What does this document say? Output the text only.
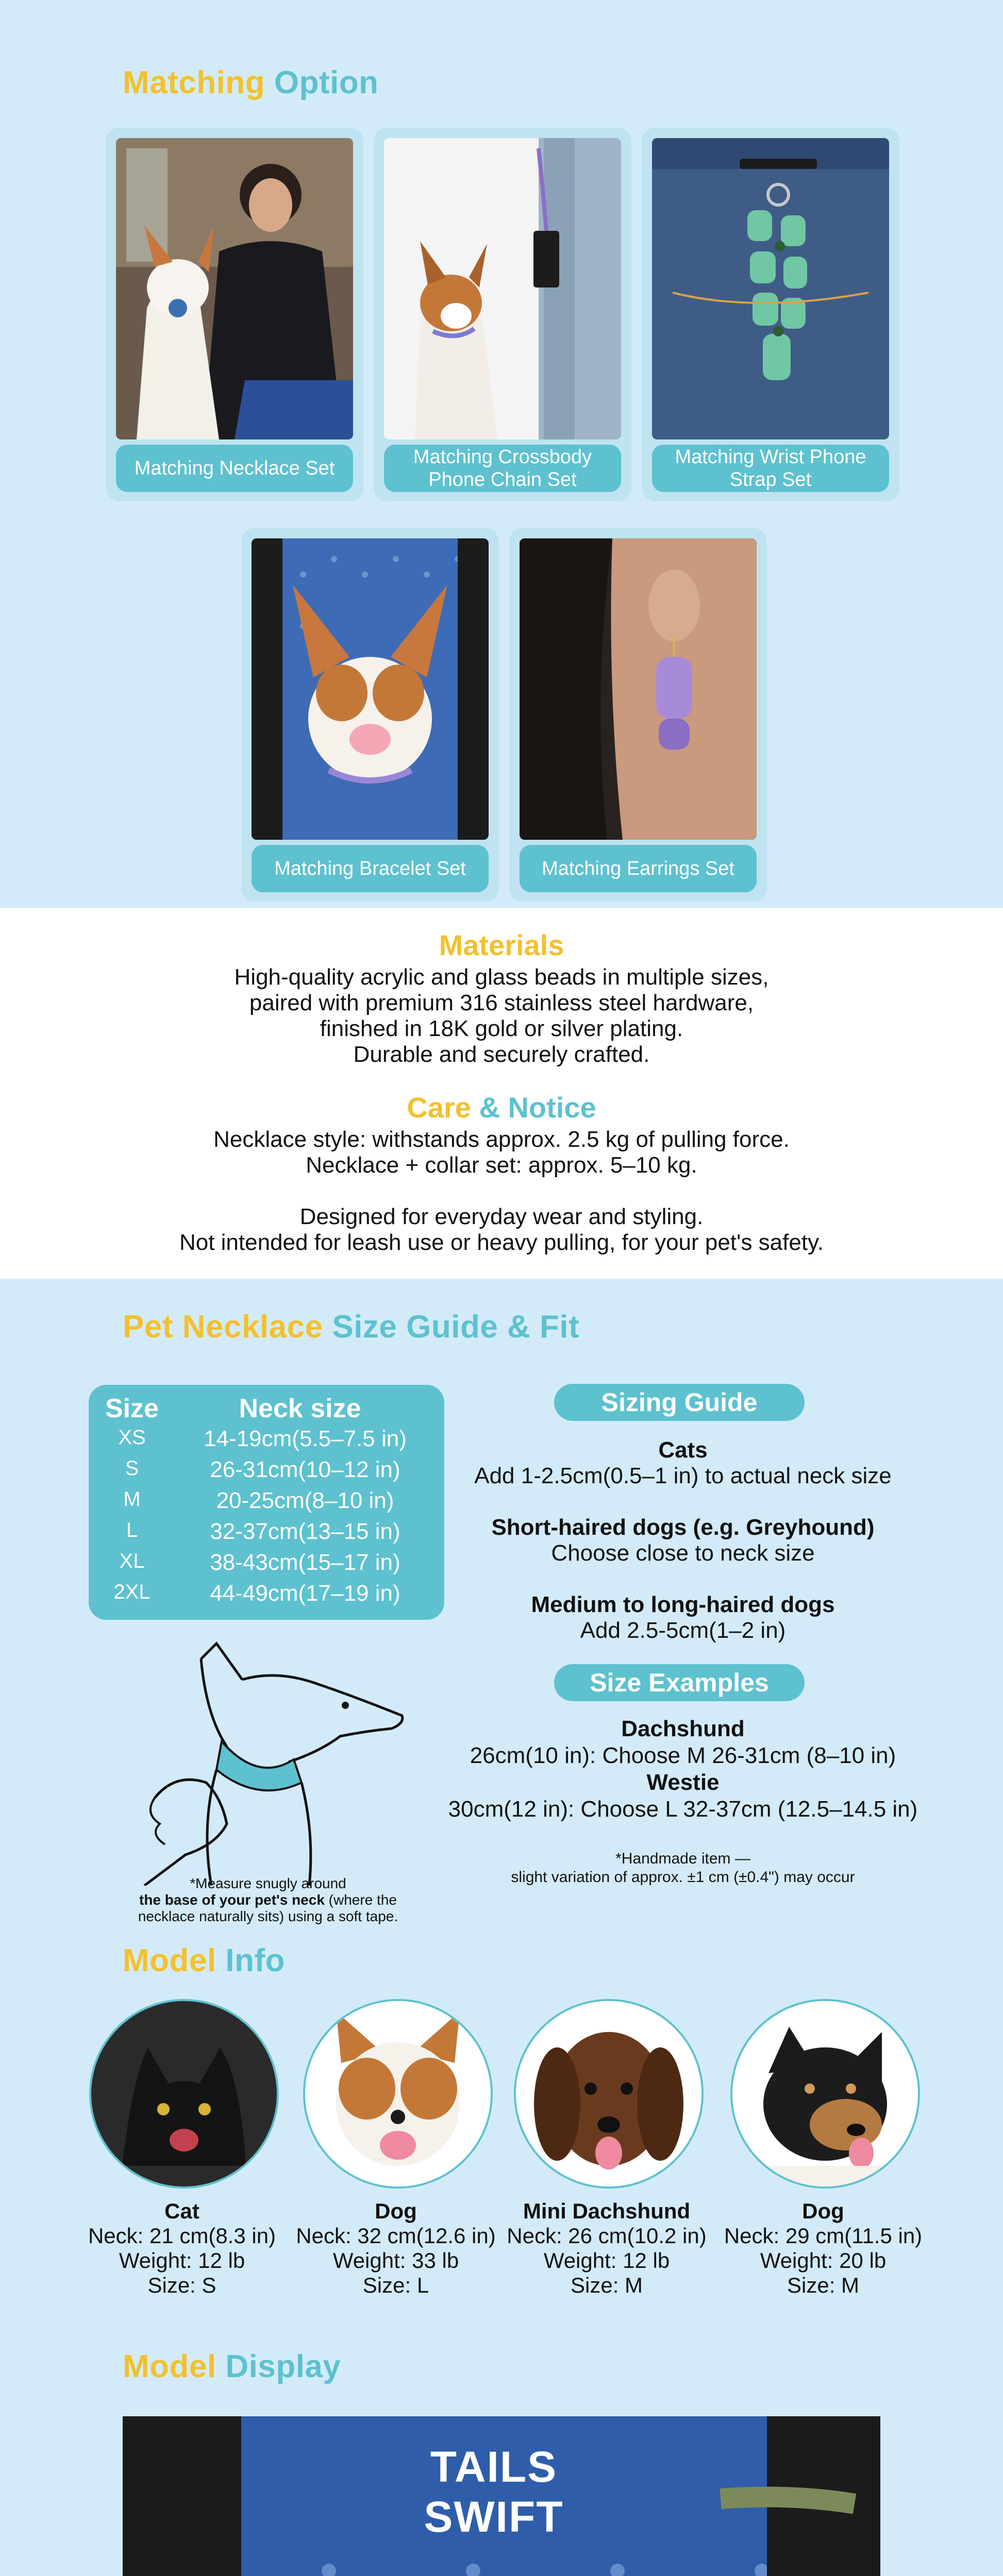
Matching Option
Matching Necklace Set
Matching Crossbody Phone Chain Set
Matching Wrist Phone Strap Set
Matching Bracelet Set	Matching Earrings Set
Materials
High-quality acrylic and glass beads in multiple sizes,
paired with premium 316 stainless steel hardware,
finished in 18K gold or silver plating.
Durable and securely crafted.
Care & Notice
Necklace style: withstands approx. 2.5 kg of pulling force.
Necklace + collar set: approx. 5–10 kg.
Designed for everyday wear and styling.
Not intended for leash use or heavy pulling, for your pet's safety.
Pet Necklace Size Guide & Fit
Size	Neck size
XS	14-19cm(5.5–7.5 in)
S	26-31cm(10–12 in)
M	20-25cm(8–10 in)
L	32-37cm(13–15 in)
XL	38-43cm(15–17 in)
2XL	44-49cm(17–19 in)
*Measure snugly around
the base of your pet's neck (where the
necklace naturally sits) using a soft tape.
Sizing Guide
Cats
Add 1-2.5cm(0.5–1 in) to actual neck size
Short-haired dogs (e.g. Greyhound)
Choose close to neck size
Medium to long-haired dogs
Add 2.5-5cm(1–2 in)
Size Examples
Dachshund
26cm(10 in): Choose M 26-31cm (8–10 in)
Westie
30cm(12 in): Choose L 32-37cm (12.5–14.5 in)
*Handmade item —
slight variation of approx. ±1 cm (±0.4") may occur
Model Info
Cat
Neck: 21 cm(8.3 in)
Weight: 12 lb
Size: S
Dog
Neck: 32 cm(12.6 in)
Weight: 33 lb
Size: L
Mini Dachshund
Neck: 26 cm(10.2 in)
Weight: 12 lb
Size: M
Dog
Neck: 29 cm(11.5 in)
Weight: 20 lb
Size: M
Model Display
TAILS SWIFT
